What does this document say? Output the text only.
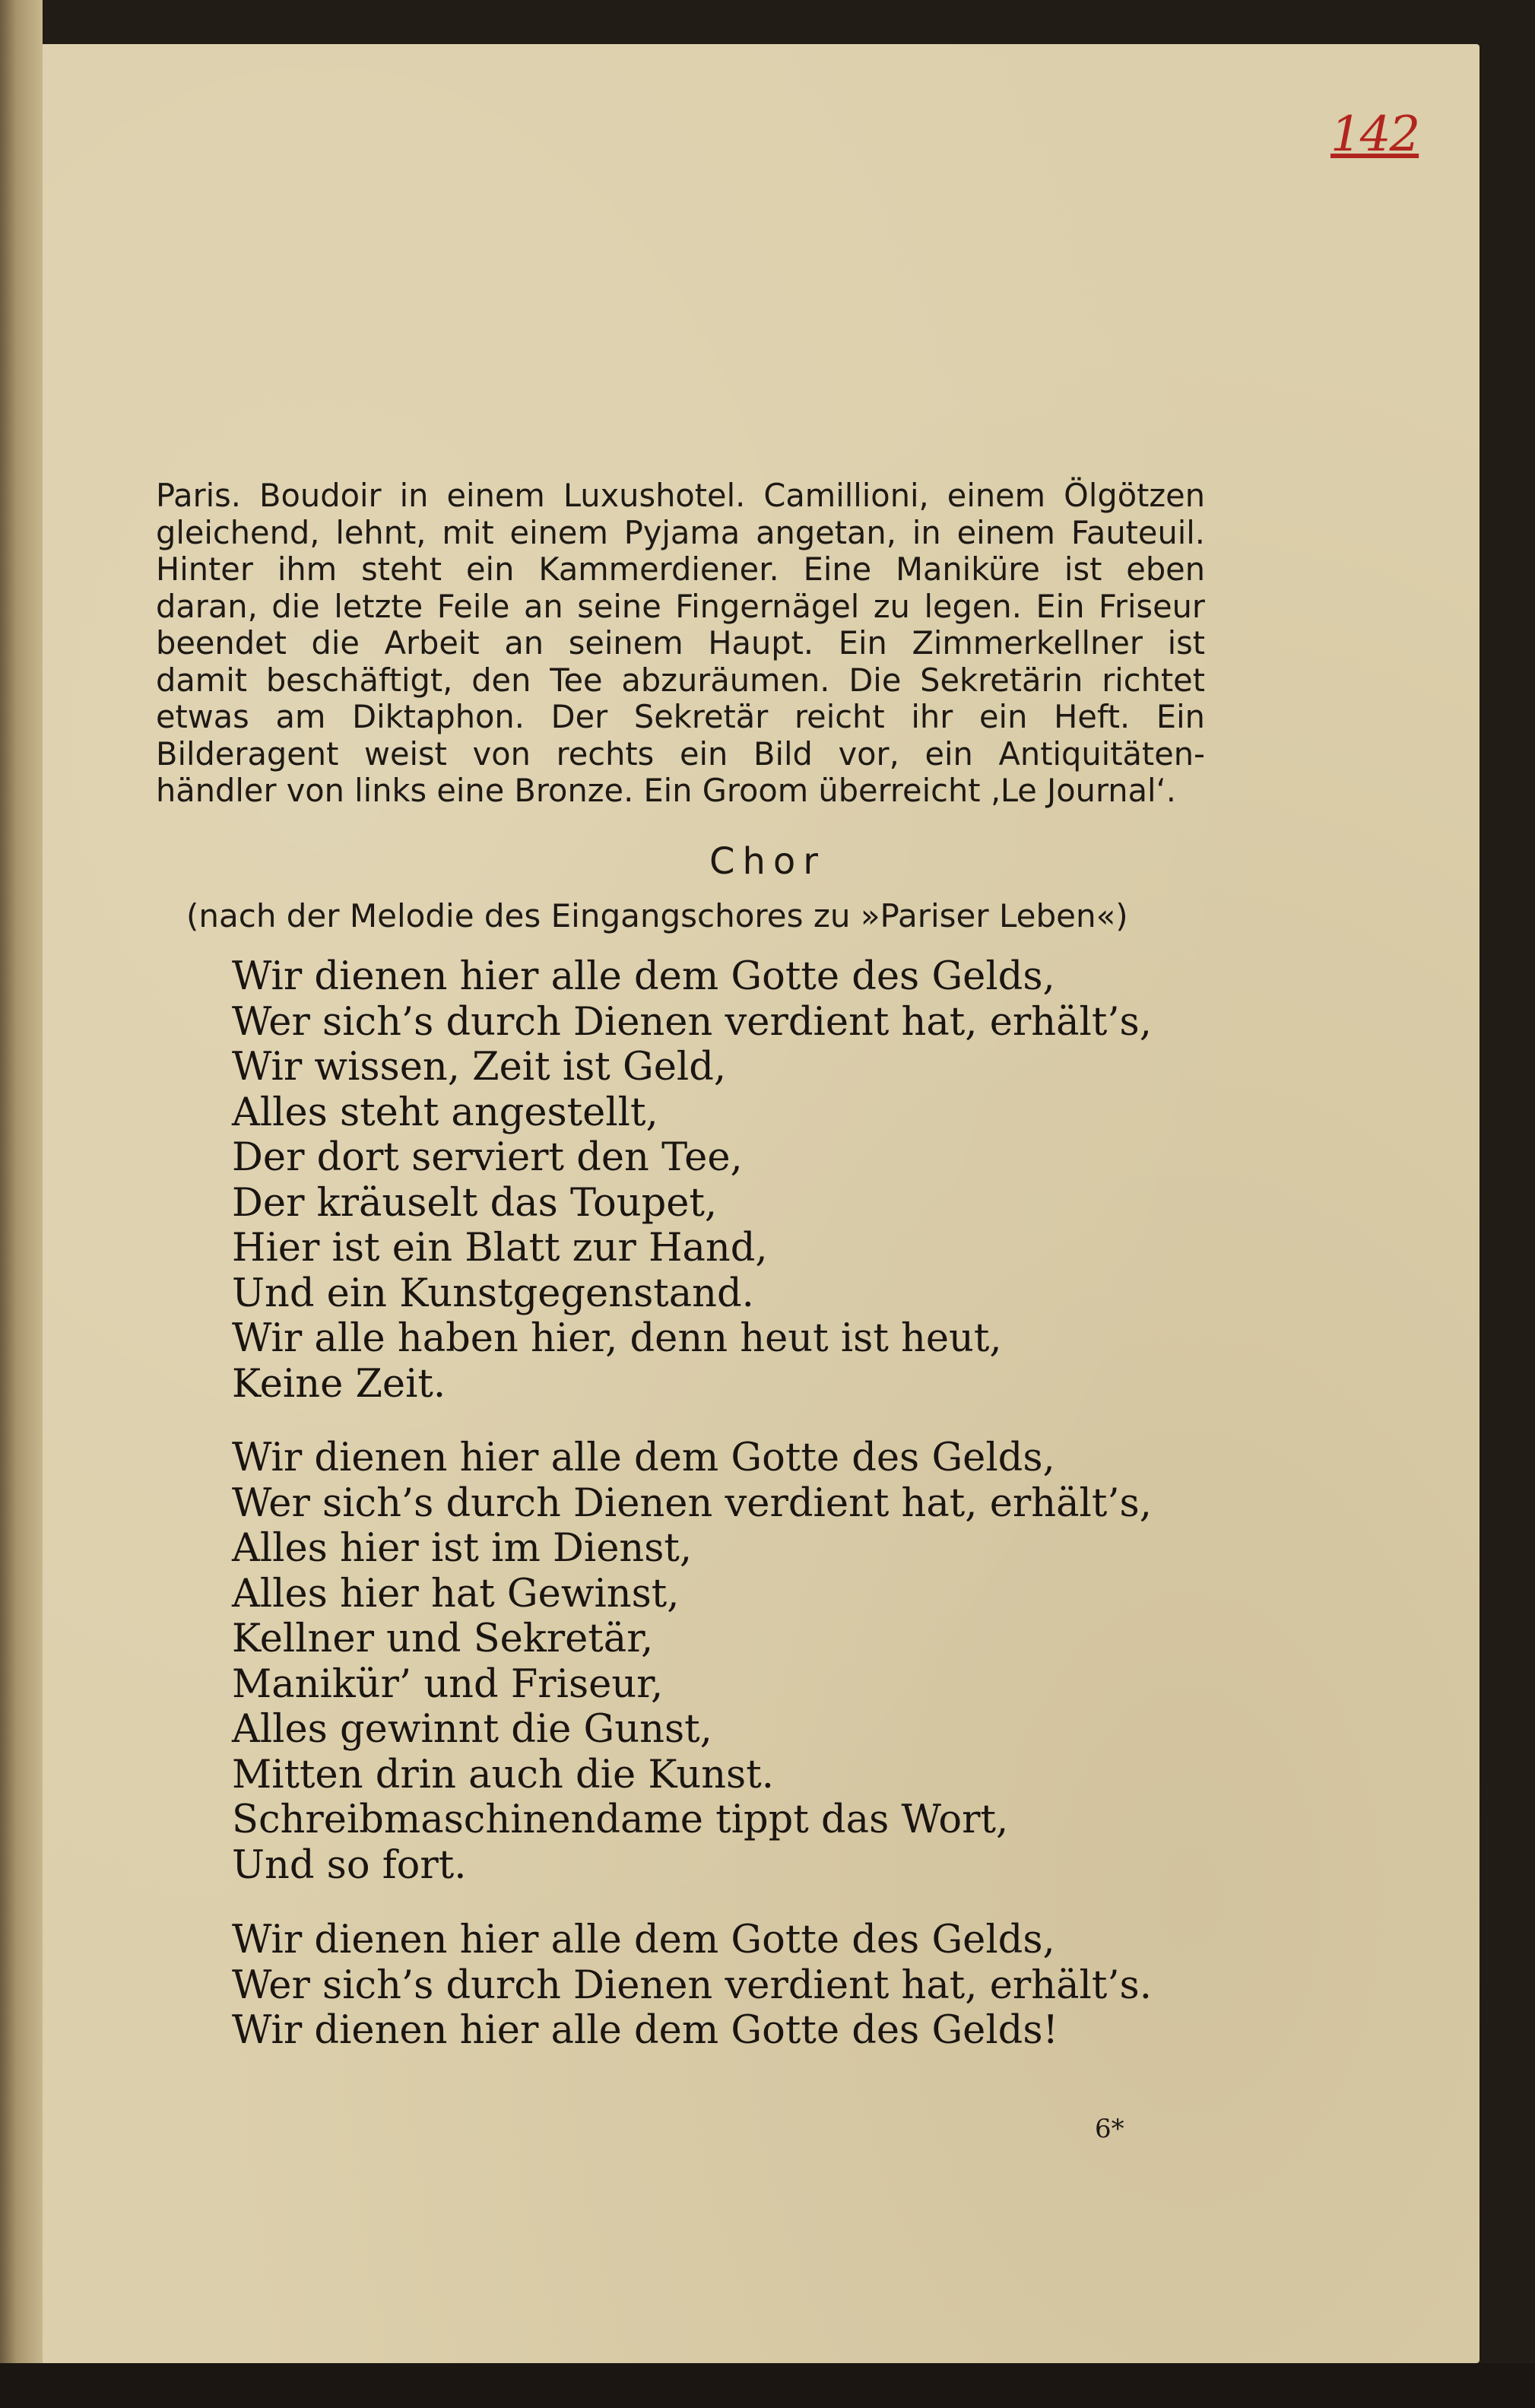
142
Paris. Boudoir in einem Luxushotel. Camillioni, einem Ölgötzen
gleichend, lehnt, mit einem Pyjama angetan, in einem Fauteuil.
Hinter ihm steht ein Kammerdiener. Eine Maniküre ist eben
daran, die letzte Feile an seine Fingernägel zu legen. Ein Friseur
beendet die Arbeit an seinem Haupt. Ein Zimmerkellner ist
damit beschäftigt, den Tee abzuräumen. Die Sekretärin richtet
etwas am Diktaphon. Der Sekretär reicht ihr ein Heft. Ein
Bilderagent weist von rechts ein Bild vor, ein Antiquitäten-
händler von links eine Bronze. Ein Groom überreicht ‚Le Journal‘.
Chor
(nach der Melodie des Eingangschores zu »Pariser Leben«)
Wir dienen hier alle dem Gotte des Gelds,
Wer sich’s durch Dienen verdient hat, erhält’s,
Wir wissen, Zeit ist Geld,
Alles steht angestellt,
Der dort serviert den Tee,
Der kräuselt das Toupet,
Hier ist ein Blatt zur Hand,
Und ein Kunstgegenstand.
Wir alle haben hier, denn heut ist heut,
Keine Zeit.
Wir dienen hier alle dem Gotte des Gelds,
Wer sich’s durch Dienen verdient hat, erhält’s,
Alles hier ist im Dienst,
Alles hier hat Gewinst,
Kellner und Sekretär,
Manikür’ und Friseur,
Alles gewinnt die Gunst,
Mitten drin auch die Kunst.
Schreibmaschinendame tippt das Wort,
Und so fort.
Wir dienen hier alle dem Gotte des Gelds,
Wer sich’s durch Dienen verdient hat, erhält’s.
Wir dienen hier alle dem Gotte des Gelds!
6*
